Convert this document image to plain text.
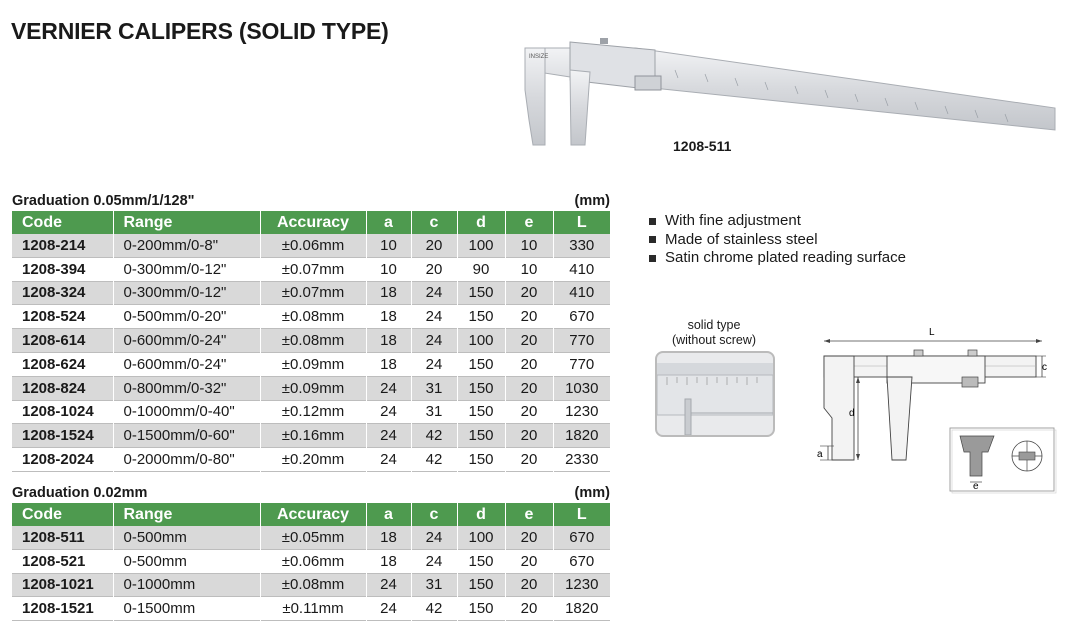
VERNIER CALIPERS (SOLID TYPE)
INSIZE
1208-511
Graduation 0.05mm/1/128"	(mm)
Code	Range	Accuracy	a	c	d	e	L
1208-214	0-200mm/0-8"	±0.06mm	10	20	100	10	330
1208-394	0-300mm/0-12"	±0.07mm	10	20	90	10	410
1208-324	0-300mm/0-12"	±0.07mm	18	24	150	20	410
1208-524	0-500mm/0-20"	±0.08mm	18	24	150	20	670
1208-614	0-600mm/0-24"	±0.08mm	18	24	100	20	770
1208-624	0-600mm/0-24"	±0.09mm	18	24	150	20	770
1208-824	0-800mm/0-32"	±0.09mm	24	31	150	20	1030
1208-1024	0-1000mm/0-40"	±0.12mm	24	31	150	20	1230
1208-1524	0-1500mm/0-60"	±0.16mm	24	42	150	20	1820
1208-2024	0-2000mm/0-80"	±0.20mm	24	42	150	20	2330
Graduation 0.02mm	(mm)
Code	Range	Accuracy	a	c	d	e	L
1208-511	0-500mm	±0.05mm	18	24	100	20	670
1208-521	0-500mm	±0.06mm	18	24	150	20	670
1208-1021	0-1000mm	±0.08mm	24	31	150	20	1230
1208-1521	0-1500mm	±0.11mm	24	42	150	20	1820
With fine adjustment
Made of stainless steel
Satin chrome plated reading surface
solid type
(without screw)
L
c
d
a
e
